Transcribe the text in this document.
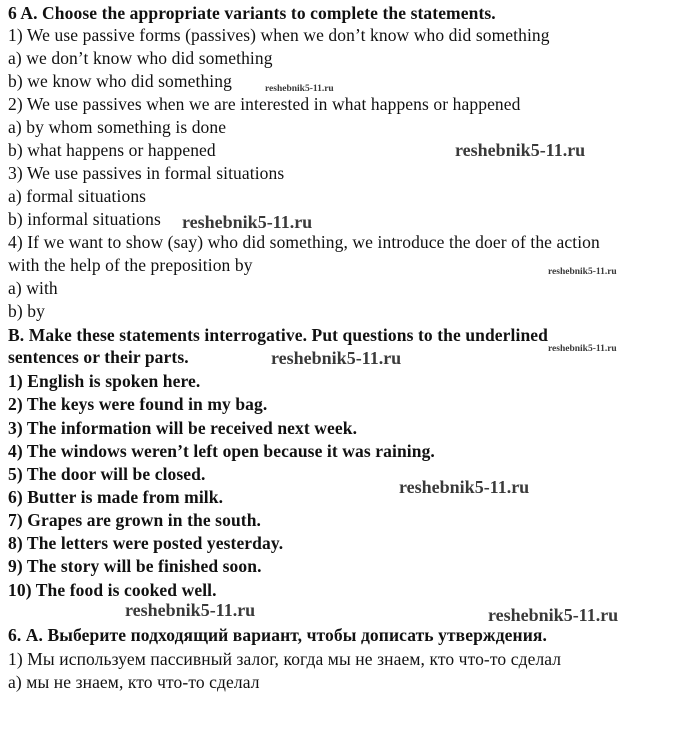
6 A. Choose the appropriate variants to complete the statements.
1) We use passive forms (passives) when we don’t know who did something
a) we don’t know who did something
b) we know who did something
2) We use passives when we are interested in what happens or happened
a) by whom something is done
b) what happens or happened
3) We use passives in formal situations
a) formal situations
b) informal situations
4) If we want to show (say) who did something, we introduce the doer of the action
with the help of the preposition by
a) with
b) by
B. Make these statements interrogative. Put questions to the underlined
sentences or their parts.
1) English is spoken here.
2) The keys were found in my bag.
3) The information will be received next week.
4) The windows weren’t left open because it was raining.
5) The door will be closed.
6) Butter is made from milk.
7) Grapes are grown in the south.
8) The letters were posted yesterday.
9) The story will be finished soon.
10) The food is cooked well.
6. А. Выберите подходящий вариант, чтобы дописать утверждения.
1) Мы используем пассивный залог, когда мы не знаем, кто что-то сделал
а) мы не знаем, кто что-то сделал
reshebnik5-11.ru
reshebnik5-11.ru
reshebnik5-11.ru
reshebnik5-11.ru
reshebnik5-11.ru
reshebnik5-11.ru
reshebnik5-11.ru
reshebnik5-11.ru	reshebnik5-11.ru
